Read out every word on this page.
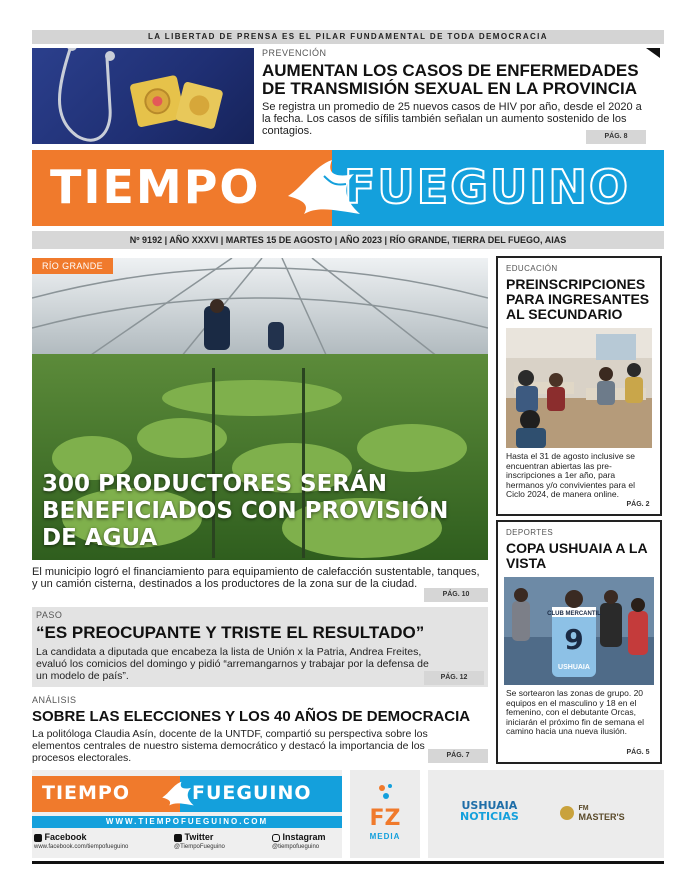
LA LIBERTAD DE PRENSA ES EL PILAR FUNDAMENTAL DE TODA DEMOCRACIA
PREVENCIÓN
AUMENTAN LOS CASOS DE ENFERMEDADES DE TRANSMISIÓN SEXUAL EN LA PROVINCIA
Se registra un promedio de 25 nuevos casos de HIV por año, desde el 2020 a la fecha. Los casos de sífilis también señalan un aumento sostenido de los contagios.	PÁG. 8
TIEMPO FUEGUINO
Nº 9192 | AÑO XXXVI | MARTES 15 DE AGOSTO | AÑO 2023 | RÍO GRANDE, TIERRA DEL FUEGO, AIAS
RÍO GRANDE
300 PRODUCTORES SERÁN BENEFICIADOS CON PROVISIÓN DE AGUA
El municipio logró el financiamiento para equipamiento de calefacción sustentable, tanques, y un camión cisterna, destinados a los productores de la zona sur de la ciudad.
PÁG. 10
PASO
“ES PREOCUPANTE Y TRISTE EL RESULTADO”
La candidata a diputada que encabeza la lista de Unión x la Patria, Andrea Freites, evaluó los comicios del domingo y pidió “arremangarnos y trabajar por la defensa de un modelo de país”.	PÁG. 12
ANÁLISIS
SOBRE LAS ELECCIONES Y LOS 40 AÑOS DE DEMOCRACIA
La politóloga Claudia Asín, docente de la UNTDF, compartió su perspectiva sobre los elementos centrales de nuestro sistema democrático y destacó la importancia de los procesos electorales.	PÁG. 7
EDUCACIÓN
PREINSCRIPCIONES PARA INGRESANTES AL SECUNDARIO
Hasta el 31 de agosto inclusive se encuentran abiertas las pre-inscripciones a 1er año, para hermanos y/o convivientes para el Ciclo 2024, de manera online.
PÁG. 2
DEPORTES
COPA USHUAIA A LA VISTA
CLUB MERCANTIL
9
USHUAIA
Se sortearon las zonas de grupo. 20 equipos en el masculino y 18 en el femenino, con el debutante Orcas, iniciarán el próximo fin de semana el camino hacia una nueva ilusión.
PÁG. 5
TIEMPO	FUEGUINO
WWW.TIEMPOFUEGUINO.COM
Facebook
www.facebook.com/tiempofueguino
Twitter
@TiempoFueguino
Instagram
@tiempofueguino
FZ
MEDIA
USHUAIA
NOTICIAS

FM
MASTER'S
